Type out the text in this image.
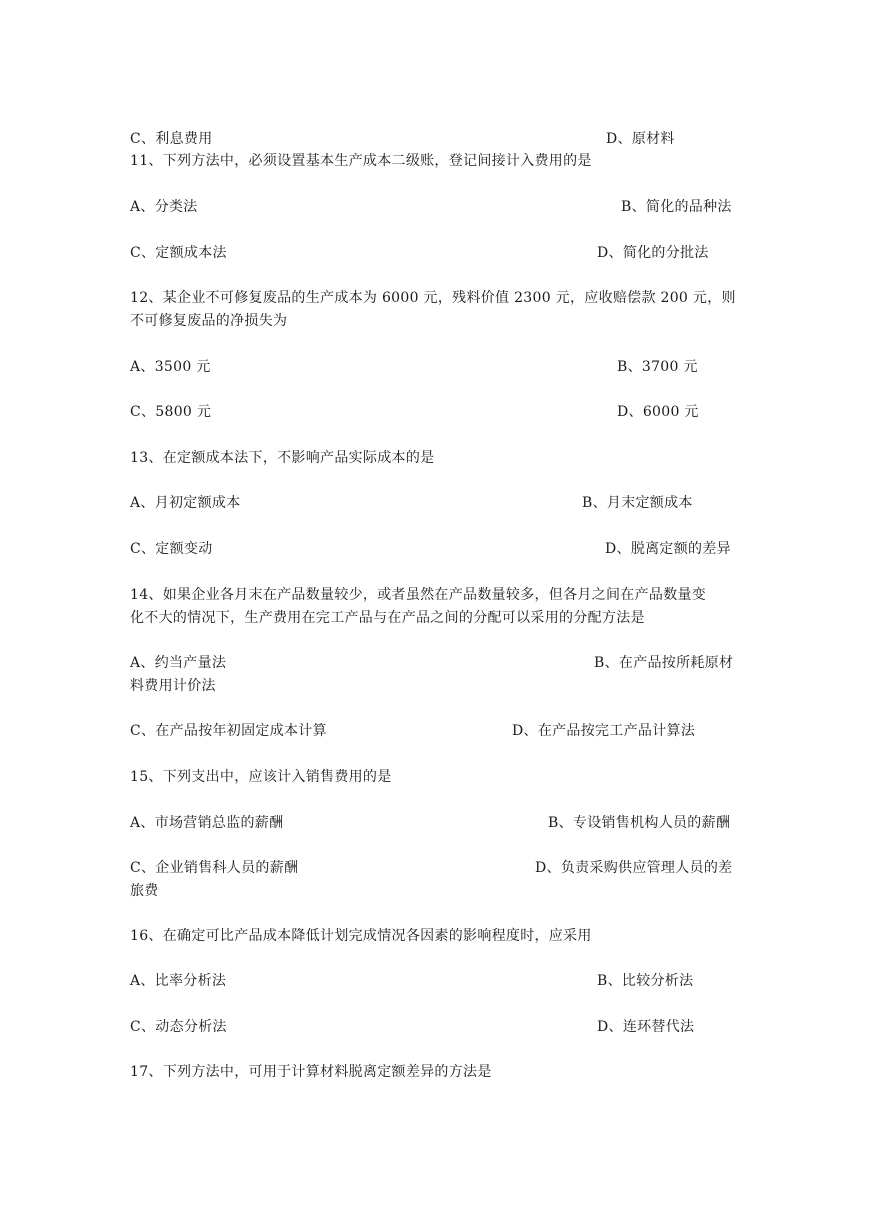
C、利息费用	D、原材料
11、下列方法中，必须设置基本生产成本二级账，登记间接计入费用的是
A、分类法	B、简化的品种法
C、定额成本法	D、简化的分批法
12、某企业不可修复废品的生产成本为 6000 元，残料价值 2300 元，应收赔偿款 200 元，则
不可修复废品的净损失为
A、3500 元	B、3700 元
C、5800 元	D、6000 元
13、在定额成本法下，不影响产品实际成本的是
A、月初定额成本	B、月末定额成本
C、定额变动	D、脱离定额的差异
14、如果企业各月末在产品数量较少，或者虽然在产品数量较多，但各月之间在产品数量变
化不大的情况下，生产费用在完工产品与在产品之间的分配可以采用的分配方法是
A、约当产量法	B、在产品按所耗原材
料费用计价法
C、在产品按年初固定成本计算	D、在产品按完工产品计算法
15、下列支出中，应该计入销售费用的是
A、市场营销总监的薪酬	B、专设销售机构人员的薪酬
C、企业销售科人员的薪酬	D、负责采购供应管理人员的差
旅费
16、在确定可比产品成本降低计划完成情况各因素的影响程度时，应采用
A、比率分析法	B、比较分析法
C、动态分析法	D、连环替代法
17、下列方法中，可用于计算材料脱离定额差异的方法是
